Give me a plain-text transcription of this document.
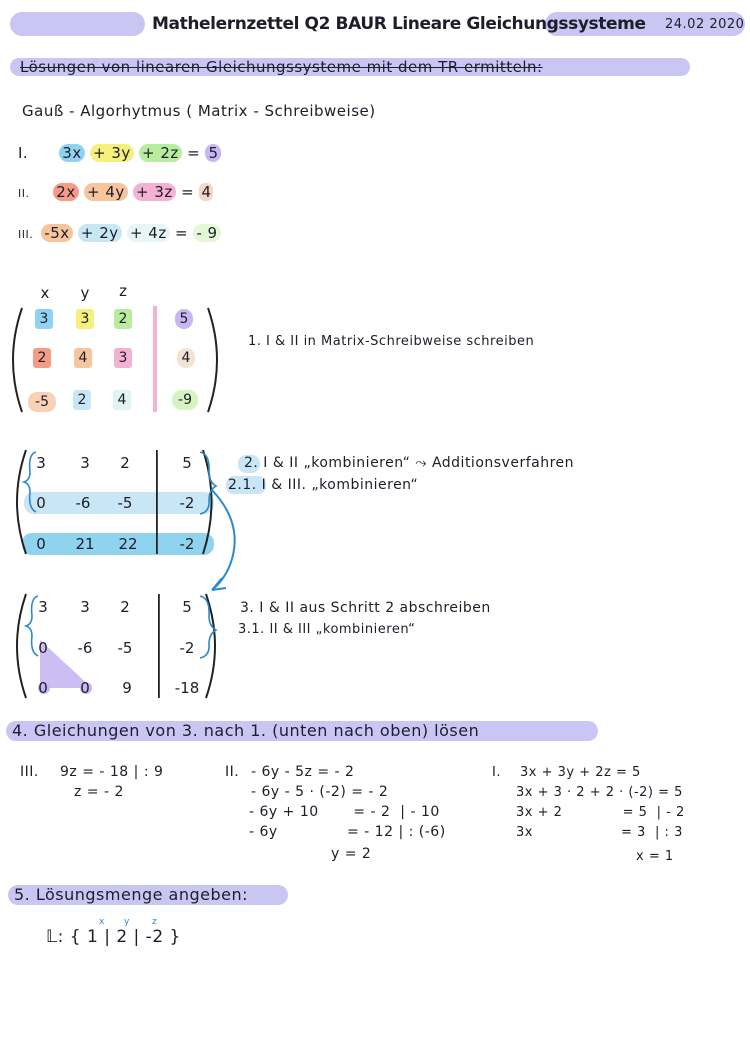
Mathelernzettel Q2 BAUR Lineare Gleichungssysteme 24.02 2020
Lösungen von linearen Gleichungssysteme mit dem TR ermitteln:
Gauß - Algorhytmus ( Matrix - Schreibweise)
I. 3x + 3y + 2z = 5
II. 2x + 4y + 3z = 4
III. -5x + 2y + 4z = - 9
x	y	z
3	3	2	5
2	4	3	4
-5	2	4	-9
1. I & II in Matrix-Schreibweise schreiben
3	3	2	5
0	-6	-5	-2
0	21	22	-2
2. I & II „kombinieren“ ⤳ Additionsverfahren
2.1. I & III. „kombinieren“
3	3	2	5
0	-6	-5	-2
0	0	9	-18
3. I & II aus Schritt 2 abschreiben
3.1. II & III „kombinieren“
4. Gleichungen von 3. nach 1. (unten nach oben) lösen
III. 9z = - 18 | : 9
z = - 2
II. - 6y - 5z = - 2
- 6y - 5 · (-2) = - 2
- 6y + 10       = - 2  | - 10
- 6y              = - 12 | : (-6)
y = 2
I. 3x + 3y + 2z = 5
3x + 3 · 2 + 2 · (-2) = 5
3x + 2             = 5  | - 2
3x                   = 3  | : 3
x = 1
5. Lösungsmenge angeben:
x y	z
𝕃: { 1 | 2 | -2 }
